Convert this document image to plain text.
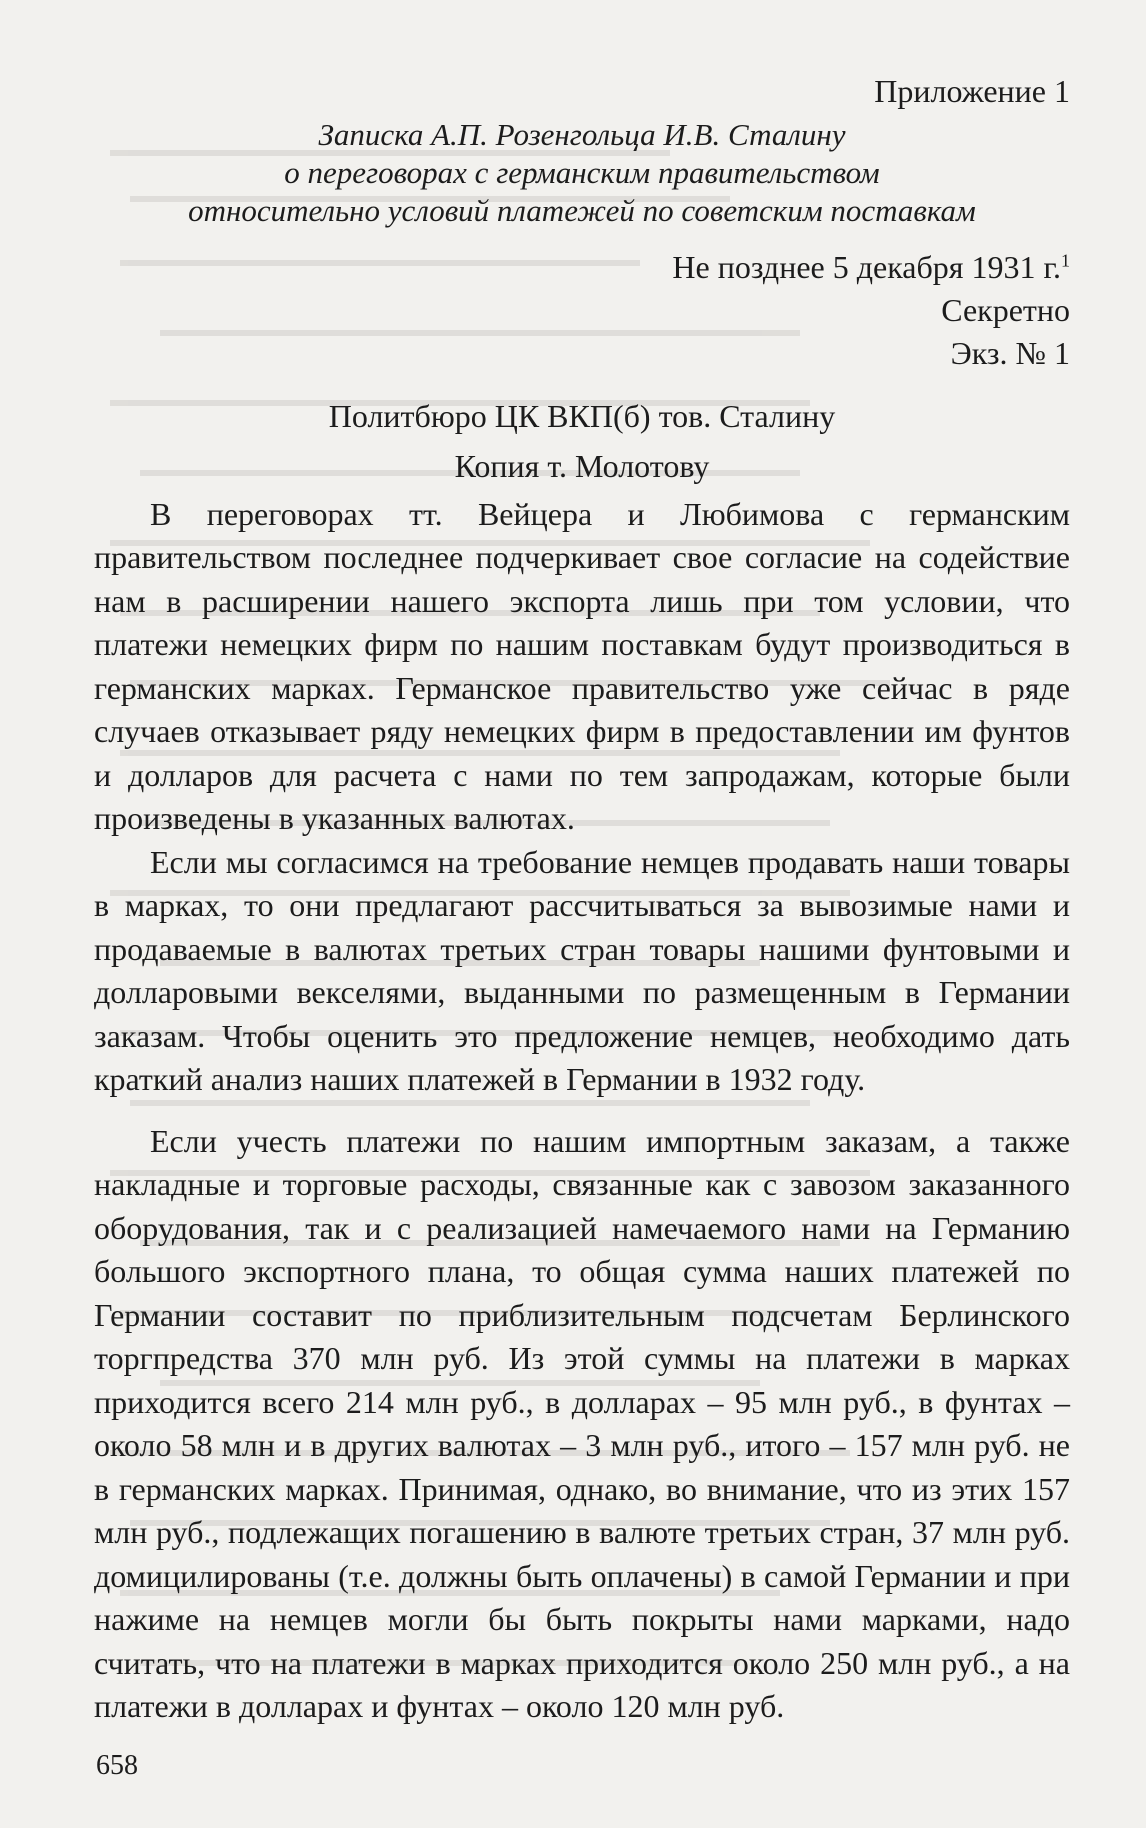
Приложение 1
Записка А.П. Розенгольца И.В. Сталину
о переговорах с германским правительством
относительно условий платежей по советским поставкам
Не позднее 5 декабря 1931 г.$^1$
Секретно
Экз. № 1
Политбюро ЦК ВКП(б) тов. Сталину
Копия т. Молотову

В переговорах тт. Вейцера и Любимова с германским правительством последнее подчеркивает свое согласие на содействие нам в расширении нашего экспорта лишь при том условии, что платежи немецких фирм по нашим поставкам будут производиться в германских марках. Германское правительство уже сейчас в ряде случаев отказывает ряду немецких фирм в предоставлении им фунтов и долларов для расчета с нами по тем запродажам, которые были произведены в указанных валютах.

Если мы согласимся на требование немцев продавать наши товары в марках, то они предлагают рассчитываться за вывозимые нами и продаваемые в валютах третьих стран товары нашими фунтовыми и долларовыми векселями, выданными по размещенным в Германии заказам. Чтобы оценить это предложение немцев, необходимо дать краткий анализ наших платежей в Германии в 1932 году.

Если учесть платежи по нашим импортным заказам, а также накладные и торговые расходы, связанные как с завозом заказанного оборудования, так и с реализацией намечаемого нами на Германию большого экспортного плана, то общая сумма наших платежей по Германии составит по приблизительным подсчетам Берлинского торгпредства 370 млн руб. Из этой суммы на платежи в марках приходится всего 214 млн руб., в долларах – 95 млн руб., в фунтах – около 58 млн и в других валютах – 3 млн руб., итого – 157 млн руб. не в германских марках. Принимая, однако, во внимание, что из этих 157 млн руб., подлежащих погашению в валюте третьих стран, 37 млн руб. домицилированы (т.е. должны быть оплачены) в самой Германии и при нажиме на немцев могли бы быть покрыты нами марками, надо считать, что на платежи в марках приходится около 250 млн руб., а на платежи в долларах и фунтах – около 120 млн руб.

658
